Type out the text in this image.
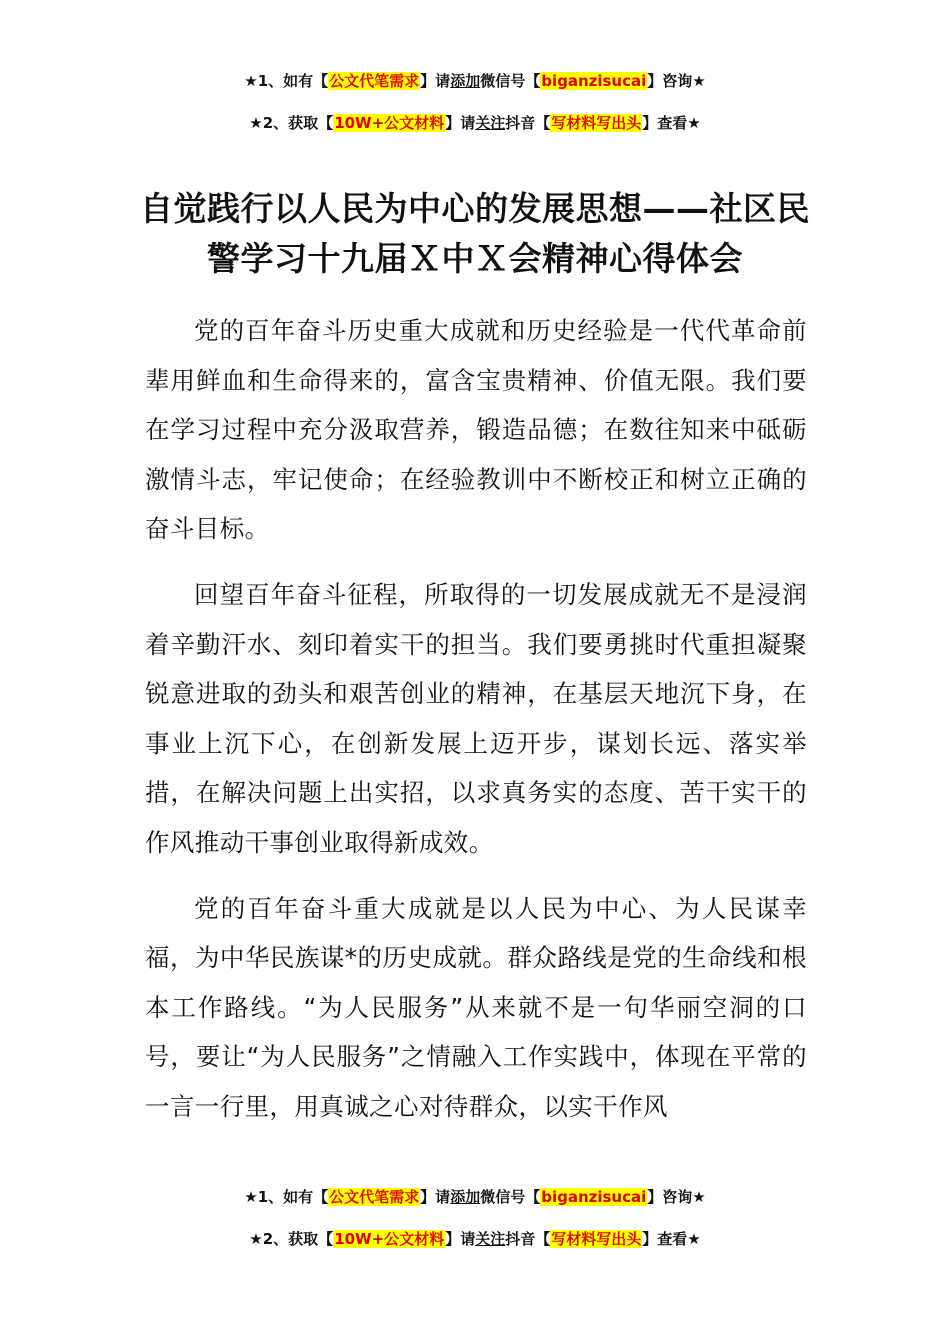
★1、如有【公文代笔需求】请添加微信号【biganzisucai】咨询★
★2、获取【10W+公文材料】请关注抖音【写材料写出头】查看★
自觉践行以人民为中心的发展思想——社区民警学习十九届Ｘ中Ｘ会精神心得体会

党的百年奋斗历史重大成就和历史经验是一代代革命前辈用鲜血和生命得来的，富含宝贵精神、价值无限。我们要在学习过程中充分汲取营养，锻造品德；在数往知来中砥砺激情斗志，牢记使命；在经验教训中不断校正和树立正确的奋斗目标。

回望百年奋斗征程，所取得的一切发展成就无不是浸润着辛勤汗水、刻印着实干的担当。我们要勇挑时代重担凝聚锐意进取的劲头和艰苦创业的精神，在基层天地沉下身，在事业上沉下心，在创新发展上迈开步，谋划长远、落实举措，在解决问题上出实招，以求真务实的态度、苦干实干的作风推动干事创业取得新成效。

党的百年奋斗重大成就是以人民为中心、为人民谋幸福，为中华民族谋*的历史成就。群众路线是党的生命线和根本工作路线。“为人民服务”从来就不是一句华丽空洞的口号，要让“为人民服务”之情融入工作实践中，体现在平常的一言一行里，用真诚之心对待群众，以实干作风

★1、如有【公文代笔需求】请添加微信号【biganzisucai】咨询★
★2、获取【10W+公文材料】请关注抖音【写材料写出头】查看★
